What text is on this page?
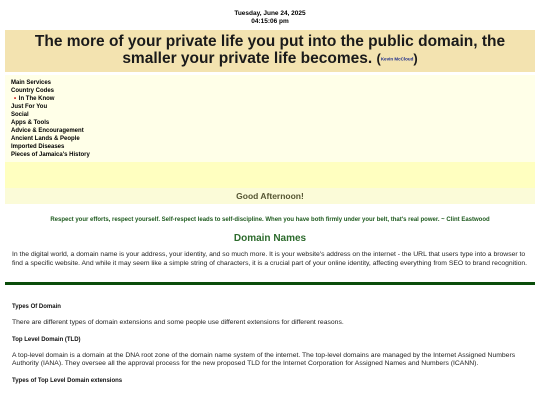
Tuesday, June 24, 2025
04:15:06 pm
The more of your private life you put into the public domain, the smaller your private life becomes. (Kevin McCloud)
Main Services
Country Codes
• In The Know
Just For You
Social
Apps & Tools
Advice & Encouragement
Ancient Lands & People
Imported Diseases
Pieces of Jamaica's History
Good Afternoon!
Respect your efforts, respect yourself. Self-respect leads to self-discipline. When you have both firmly under your belt, that's real power. ~ Clint Eastwood
Domain Names

In the digital world, a domain name is your address, your identity, and so much more. It is your website's address on the internet - the URL that users type into a browser to find a specific website. And while it may seem like a simple string of characters, it is a crucial part of your online identity, affecting everything from SEO to brand recognition.

Types Of Domain

There are different types of domain extensions and some people use different extensions for different reasons.

Top Level Domain (TLD)

A top-level domain is a domain at the DNA root zone of the domain name system of the internet. The top-level domains are managed by the Internet Assigned Numbers Authority (IANA). They oversee all the approval process for the new proposed TLD for the Internet Corporation for Assigned Names and Numbers (ICANN).

Types of Top Level Domain extensions
